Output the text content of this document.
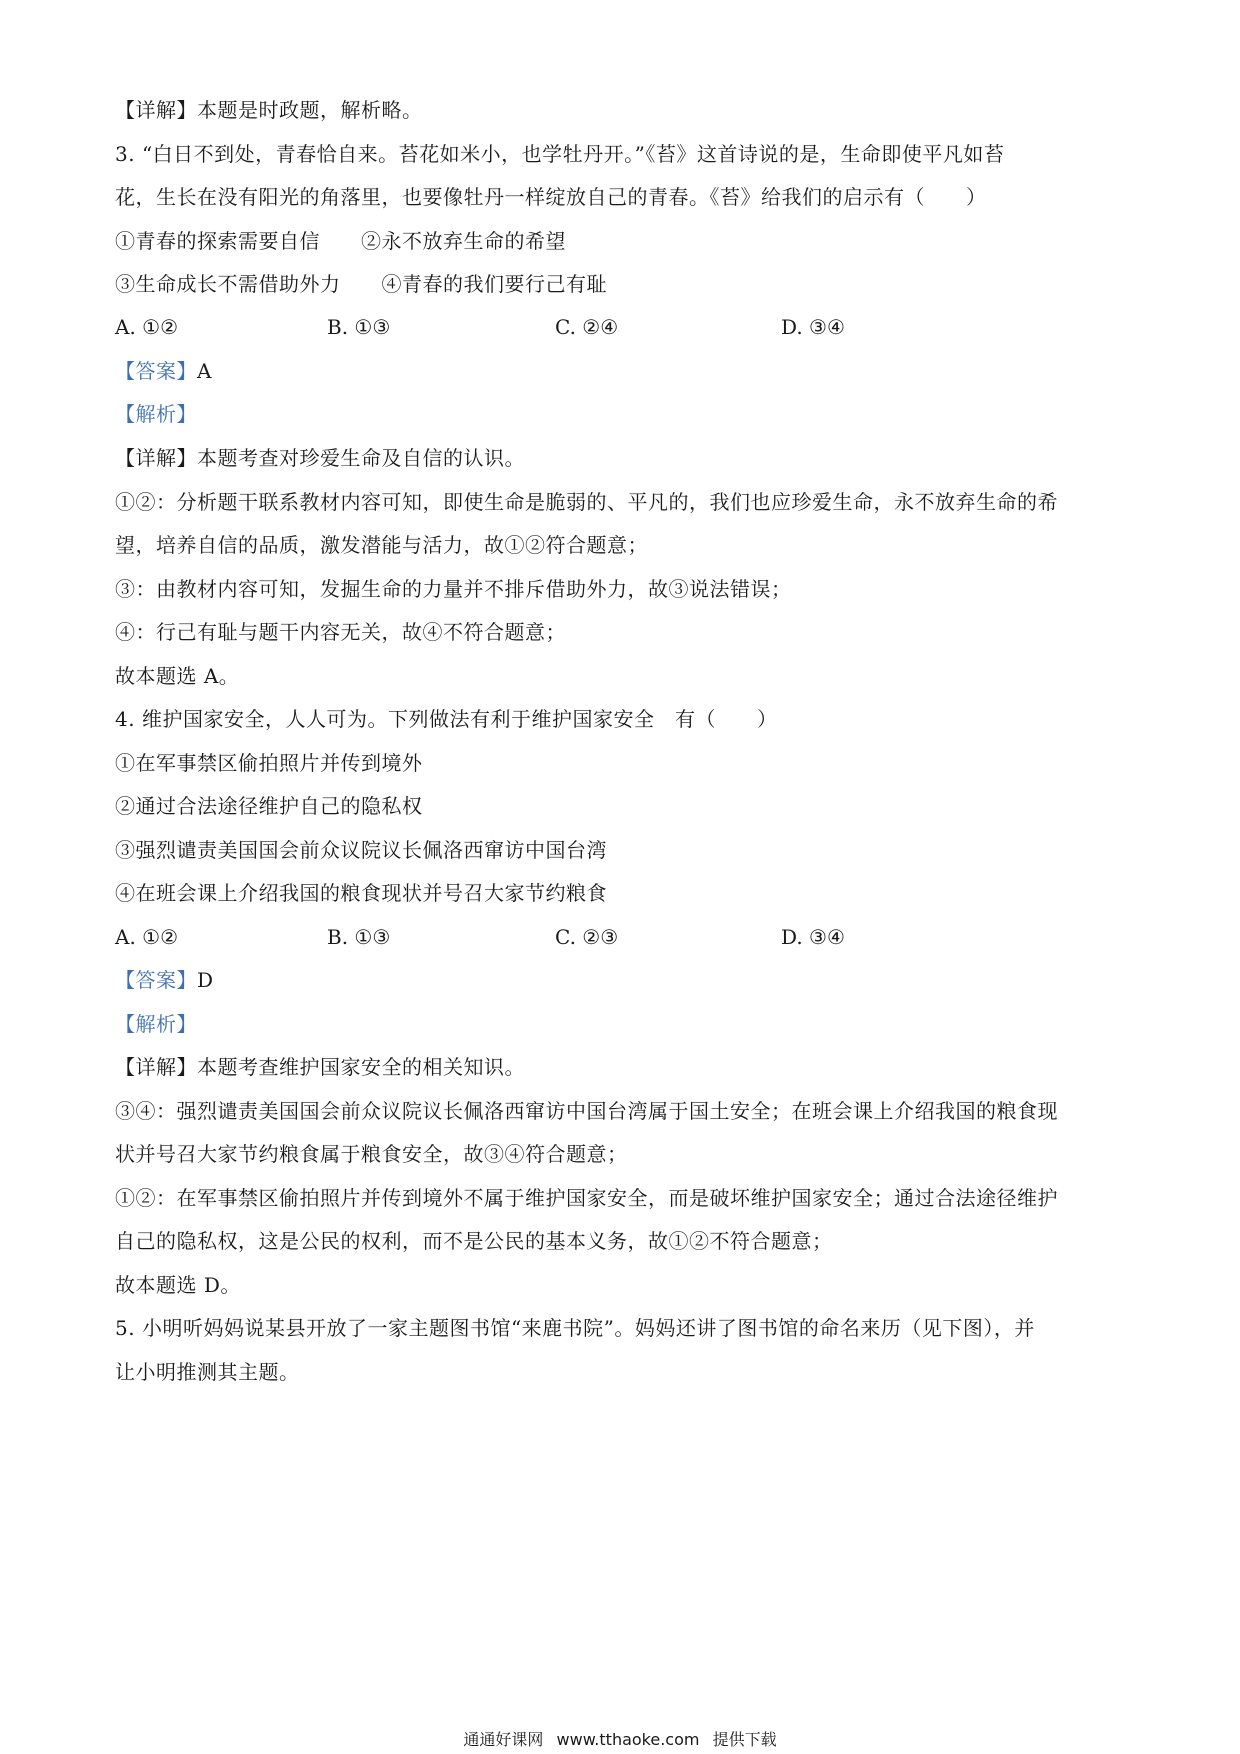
【详解】本题是时政题，解析略。
3. “白日不到处，青春恰自来。苔花如米小，也学牡丹开。”《苔》这首诗说的是，生命即使平凡如苔
花，生长在没有阳光的角落里，也要像牡丹一样绽放自己的青春。《苔》给我们的启示有（　　）
①青春的探索需要自信　　②永不放弃生命的希望
③生命成长不需借助外力　　④青春的我们要行己有耻
A. ①②	B. ①③	C. ②④	D. ③④
【答案】A
【解析】
【详解】本题考查对珍爱生命及自信的认识。
①②：分析题干联系教材内容可知，即使生命是脆弱的、平凡的，我们也应珍爱生命，永不放弃生命的希
望，培养自信的品质，激发潜能与活力，故①②符合题意；
③：由教材内容可知，发掘生命的力量并不排斥借助外力，故③说法错误；
④：行己有耻与题干内容无关，故④不符合题意；
故本题选 A。
4. 维护国家安全，人人可为。下列做法有利于维护国家安全　有（　　）
①在军事禁区偷拍照片并传到境外
②通过合法途径维护自己的隐私权
③强烈谴责美国国会前众议院议长佩洛西窜访中国台湾
④在班会课上介绍我国的粮食现状并号召大家节约粮食
A. ①②	B. ①③	C. ②③	D. ③④
【答案】D
【解析】
【详解】本题考查维护国家安全的相关知识。
③④：强烈谴责美国国会前众议院议长佩洛西窜访中国台湾属于国土安全；在班会课上介绍我国的粮食现
状并号召大家节约粮食属于粮食安全，故③④符合题意；
①②：在军事禁区偷拍照片并传到境外不属于维护国家安全，而是破坏维护国家安全；通过合法途径维护
自己的隐私权，这是公民的权利，而不是公民的基本义务，故①②不符合题意；
故本题选 D。
5. 小明听妈妈说某县开放了一家主题图书馆“来鹿书院”。妈妈还讲了图书馆的命名来历（见下图），并
让小明推测其主题。
通通好课网 www.tthaoke.com 提供下载
